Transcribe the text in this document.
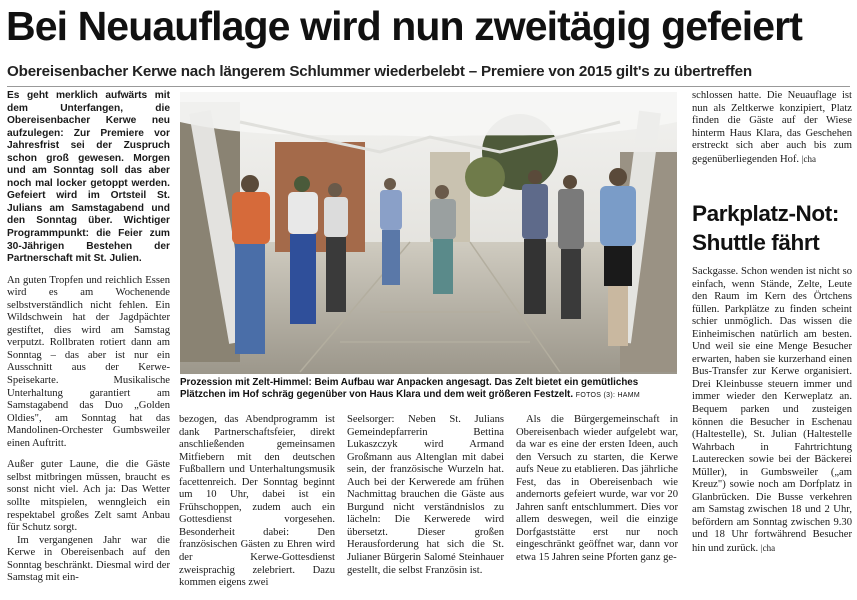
Bei Neuauflage wird nun zweitägig gefeiert
Obereisenbacher Kerwe nach längerem Schlummer wiederbelebt – Premiere von 2015 gilt's zu übertreffen

Es geht merklich aufwärts mit dem Unterfangen, die Obereisenbacher Kerwe neu aufzulegen: Zur Premiere vor Jahresfrist sei der Zuspruch schon groß gewesen. Morgen und am Sonntag soll das aber noch mal locker getoppt werden. Gefeiert wird im Ortsteil St. Julians am Samstagabend und den Sonntag über. Wichtiger Programmpunkt: die Feier zum 30-Jährigen Bestehen der Partnerschaft mit St. Julien.

An guten Tropfen und reichlich Essen wird es am Wochenende selbstverständlich nicht fehlen. Ein Wildschwein hat der Jagdpächter gestiftet, dies wird am Samstag verputzt. Rollbraten rotiert dann am Sonntag – das aber ist nur ein Ausschnitt aus der Kerwe-Speisekarte. Musikalische Unterhaltung garantiert am Samstagabend das Duo „Golden Oldies", am Sonntag hat das Mandolinen-Orchester Gumbsweiler einen Auftritt.

Außer guter Laune, die die Gäste selbst mitbringen müssen, braucht es sonst nicht viel. Ach ja: Das Wetter sollte mitspielen, wenngleich ein respektabel großes Zelt samt Anbau für Schutz sorgt.

Im vergangenen Jahr war die Kerwe in Obereisenbach auf den Sonntag beschränkt. Diesmal wird der Samstag mit ein-

Prozession mit Zelt-Himmel: Beim Aufbau war Anpacken angesagt. Das Zelt bietet ein gemütliches Plätzchen im Hof schräg gegenüber von Haus Klara und dem weit größeren Festzelt. FOTOS (3): HAMM

bezogen, das Abendprogramm ist dank Partnerschaftsfeier, direkt anschließenden gemeinsamen Mitfiebern mit den deutschen Fußballern und Unterhaltungsmusik facettenreich. Der Sonntag beginnt um 10 Uhr, dabei ist ein Frühschoppen, zudem auch ein Gottesdienst vorgesehen. Besonderheit dabei: Den französischen Gästen zu Ehren wird der Kerwe-Gottesdienst zweisprachig zelebriert. Dazu kommen eigens zwei

Seelsorger: Neben St. Julians Gemeindepfarrerin Bettina Lukaszczyk wird Armand Großmann aus Altenglan mit dabei sein, der französische Wurzeln hat. Auch bei der Kerwerede am frühen Nachmittag brauchen die Gäste aus Burgund nicht verständnislos zu lächeln: Die Kerwerede wird übersetzt. Dieser großen Herausforderung hat sich die St. Julianer Bürgerin Salomé Steinhauer gestellt, die selbst Französin ist.

Als die Bürgergemeinschaft in Obereisenbach wieder aufgelebt war, da war es eine der ersten Ideen, auch den Versuch zu starten, die Kerwe aufs Neue zu etablieren. Das jährliche Fest, das in Obereisenbach wie andernorts gefeiert wurde, war vor 20 Jahren sanft entschlummert. Dies vor allem deswegen, weil die einzige Dorfgaststätte erst nur noch eingeschränkt geöffnet war, dann vor etwa 15 Jahren seine Pforten ganz ge-

schlossen hatte. Die Neuauflage ist nun als Zeltkerwe konzipiert, Platz finden die Gäste auf der Wiese hinterm Haus Klara, das Geschehen erstreckt sich aber auch bis zum gegenüberliegenden Hof. |cha

Parkplatz-Not: Shuttle fährt

Sackgasse. Schon wenden ist nicht so einfach, wenn Stände, Zelte, Leute den Raum im Kern des Örtchens füllen. Parkplätze zu finden scheint schier unmöglich. Das wissen die Einheimischen natürlich am besten. Und weil sie eine Menge Besucher erwarten, haben sie kurzerhand einen Bus-Transfer zur Kerwe organisiert. Drei Kleinbusse steuern immer und immer wieder den Kerweplatz an. Bequem parken und zusteigen können die Besucher in Eschenau (Haltestelle), St. Julian (Haltestelle Wahrbach in Fahrtrichtung Lauterecken sowie bei der Bäckerei Müller), in Gumbsweiler („am Kreuz") sowie noch am Dorfplatz in Glanbrücken. Die Busse verkehren am Samstag zwischen 18 und 2 Uhr, befördern am Sonntag zwischen 9.30 und 18 Uhr fortwährend Besucher hin und zurück. |cha
